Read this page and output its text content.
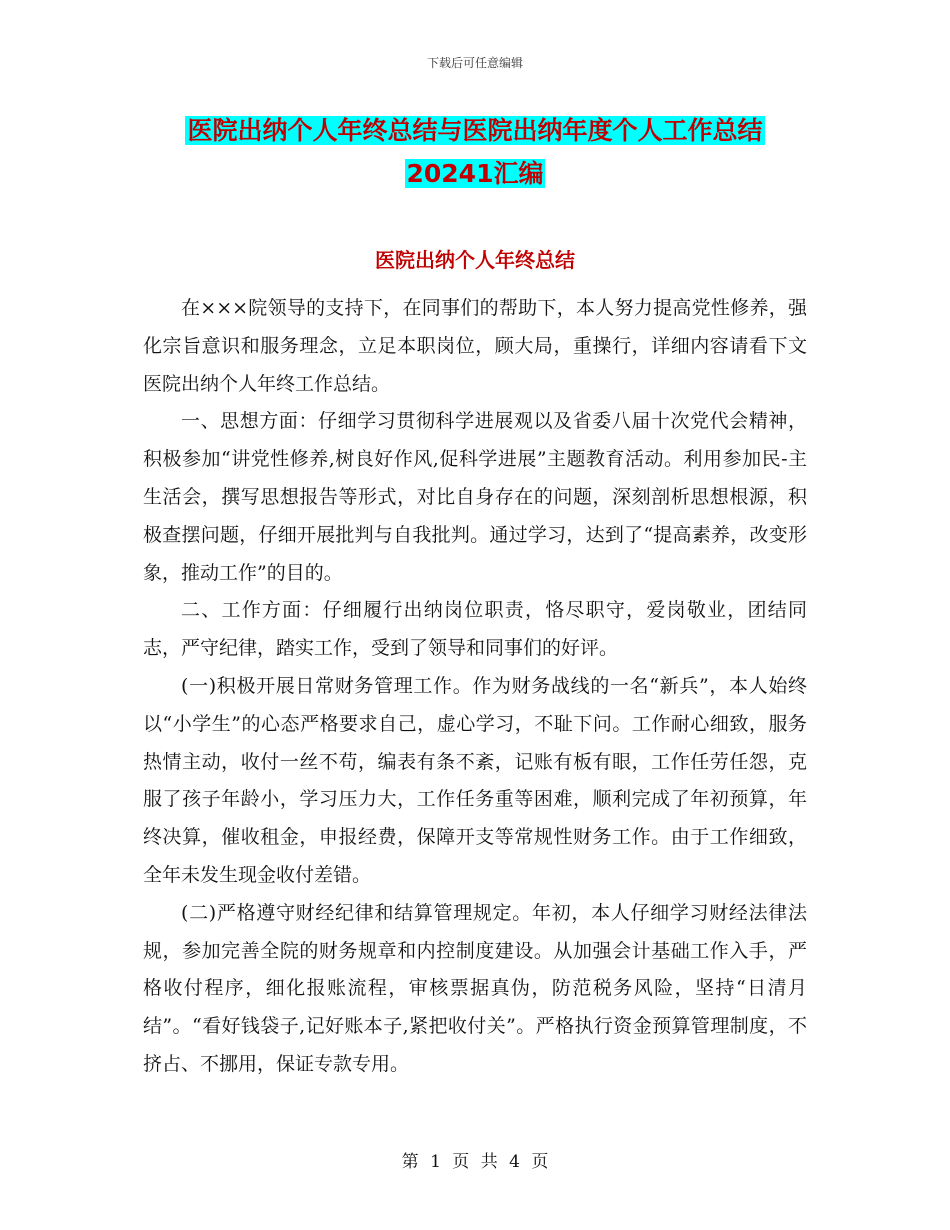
下载后可任意编辑
医院出纳个人年终总结与医院出纳年度个人工作总结
20241汇编
医院出纳个人年终总结

在×××院领导的支持下，在同事们的帮助下，本人努力提高党性修养，强化宗旨意识和服务理念，立足本职岗位，顾大局，重操行，详细内容请看下文医院出纳个人年终工作总结。

一、思想方面：仔细学习贯彻科学进展观以及省委八届十次党代会精神，积极参加“讲党性修养,树良好作风,促科学进展”主题教育活动。利用参加民-主生活会，撰写思想报告等形式，对比自身存在的问题，深刻剖析思想根源，积极查摆问题，仔细开展批判与自我批判。通过学习，达到了“提高素养，改变形象，推动工作”的目的。

二、工作方面：仔细履行出纳岗位职责，恪尽职守，爱岗敬业，团结同志，严守纪律，踏实工作，受到了领导和同事们的好评。

(一)积极开展日常财务管理工作。作为财务战线的一名“新兵”，本人始终以“小学生”的心态严格要求自己，虚心学习，不耻下问。工作耐心细致，服务热情主动，收付一丝不苟，编表有条不紊，记账有板有眼，工作任劳任怨，克服了孩子年龄小，学习压力大，工作任务重等困难，顺利完成了年初预算，年终决算，催收租金，申报经费，保障开支等常规性财务工作。由于工作细致，全年未发生现金收付差错。

(二)严格遵守财经纪律和结算管理规定。年初，本人仔细学习财经法律法规，参加完善全院的财务规章和内控制度建设。从加强会计基础工作入手，严格收付程序，细化报账流程，审核票据真伪，防范税务风险，坚持“日清月结”。“看好钱袋子,记好账本子,紧把收付关”。严格执行资金预算管理制度，不挤占、不挪用，保证专款专用。

第 1 页 共 4 页
